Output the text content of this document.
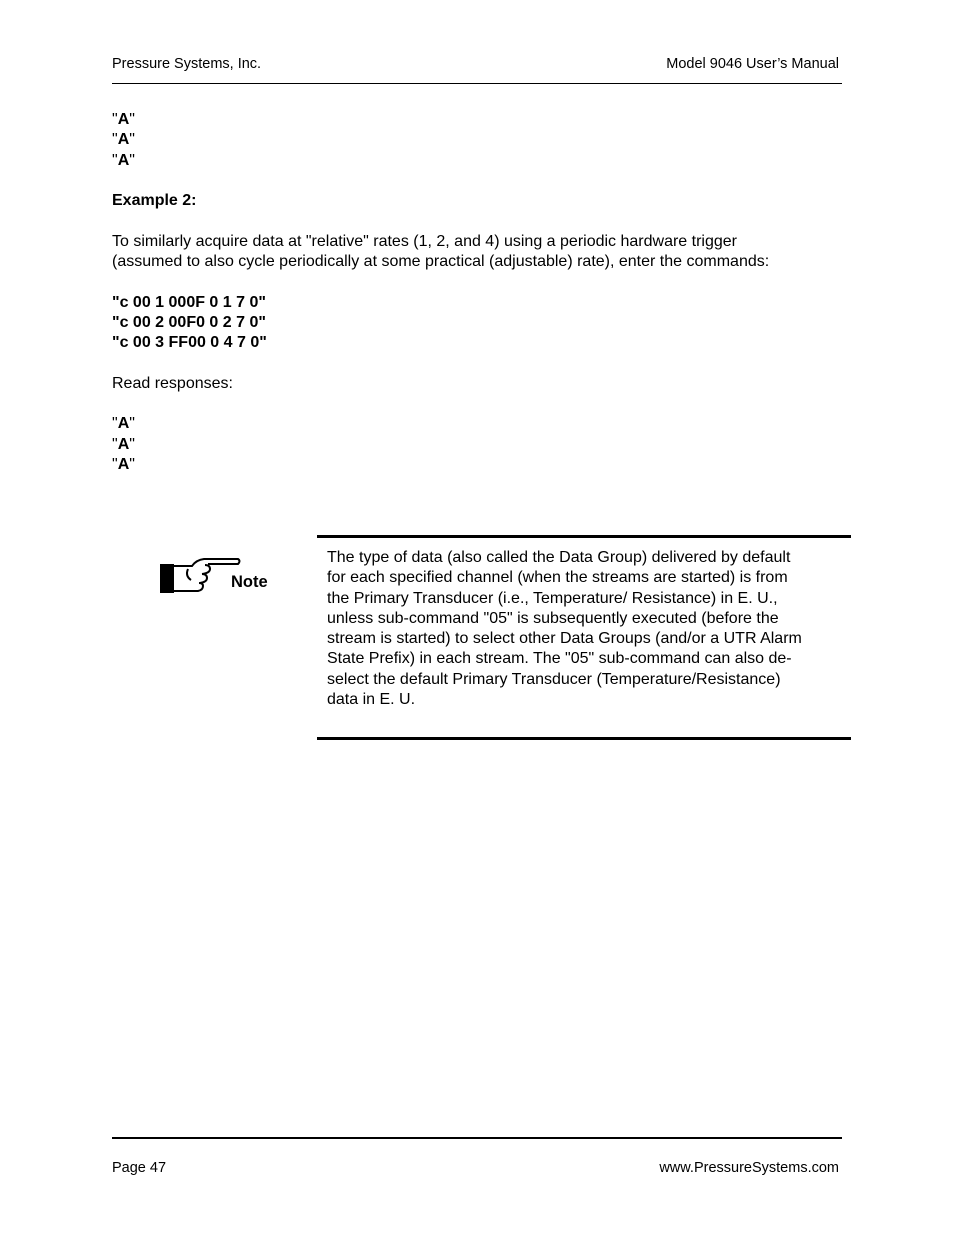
Pressure Systems, Inc.	Model 9046 User’s Manual
"A"
"A"
"A"
Example 2:
To similarly acquire data at "relative" rates (1, 2, and 4) using a periodic hardware trigger
(assumed to also cycle periodically at some practical (adjustable) rate), enter the commands:
"c 00 1 000F 0 1 7 0"
"c 00 2 00F0 0 2 7 0"
"c 00 3 FF00 0 4 7 0"
Read responses:
"A"
"A"
"A"
Note
The type of data (also called the Data Group) delivered by default
for each specified channel (when the streams are started) is from
the Primary Transducer (i.e., Temperature/ Resistance) in E. U.,
unless sub-command "05" is subsequently executed (before the
stream is started) to select other Data Groups (and/or a UTR Alarm
State Prefix) in each stream. The "05" sub-command can also de-
select the default Primary Transducer (Temperature/Resistance)
data in E. U.
Page 47	www.PressureSystems.com
